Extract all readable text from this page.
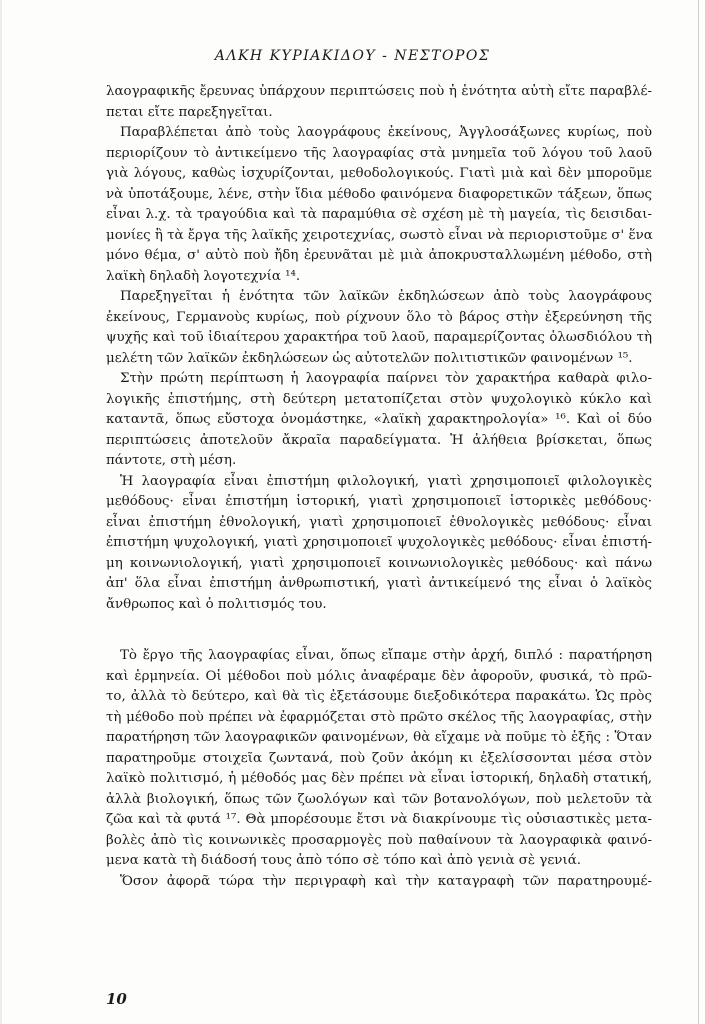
ΑΛΚΗ ΚΥΡΙΑΚΙΔΟΥ - ΝΕΣΤΟΡΟΣ
λαογραφικῆς ἔρευνας ὑπάρχουν περιπτώσεις ποὺ ἡ ἑνότητα αὐτὴ εἴτε παραβλέ-
πεται εἴτε παρεξηγεῖται.
Παραβλέπεται ἀπὸ τοὺς λαογράφους ἐκείνους, Ἀγγλοσάξωνες κυρίως, ποὺ
περιορίζουν τὸ ἀντικείμενο τῆς λαογραφίας στὰ μνημεῖα τοῦ λόγου τοῦ λαοῦ
γιὰ λόγους, καθὼς ἰσχυρίζονται, μεθοδολογικούς. Γιατὶ μιὰ καὶ δὲν μποροῦμε
νὰ ὑποτάξουμε, λένε, στὴν ἴδια μέθοδο φαινόμενα διαφορετικῶν τάξεων, ὅπως
εἶναι λ.χ. τὰ τραγούδια καὶ τὰ παραμύθια σὲ σχέση μὲ τὴ μαγεία, τὶς δεισιδαι-
μονίες ἢ τὰ ἔργα τῆς λαϊκῆς χειροτεχνίας, σωστὸ εἶναι νὰ περιοριστοῦμε σ' ἕνα
μόνο θέμα, σ' αὐτὸ ποὺ ἤδη ἐρευνᾶται μὲ μιὰ ἀποκρυσταλλωμένη μέθοδο, στὴ
λαϊκὴ δηλαδὴ λογοτεχνία ¹⁴.
Παρεξηγεῖται ἡ ἑνότητα τῶν λαϊκῶν ἐκδηλώσεων ἀπὸ τοὺς λαογράφους
ἐκείνους, Γερμανοὺς κυρίως, ποὺ ρίχνουν ὅλο τὸ βάρος στὴν ἐξερεύνηση τῆς
ψυχῆς καὶ τοῦ ἰδιαίτερου χαρακτήρα τοῦ λαοῦ, παραμερίζοντας ὁλωσδιόλου τὴ
μελέτη τῶν λαϊκῶν ἐκδηλώσεων ὡς αὐτοτελῶν πολιτιστικῶν φαινομένων ¹⁵.
Στὴν πρώτη περίπτωση ἡ λαογραφία παίρνει τὸν χαρακτήρα καθαρὰ φιλο-
λογικῆς ἐπιστήμης, στὴ δεύτερη μετατοπίζεται στὸν ψυχολογικὸ κύκλο καὶ
καταντᾶ, ὅπως εὔστοχα ὀνομάστηκε, «λαϊκὴ χαρακτηρολογία» ¹⁶. Καὶ οἱ δύο
περιπτώσεις ἀποτελοῦν ἄκραῖα παραδείγματα. Ἡ ἀλήθεια βρίσκεται, ὅπως
πάντοτε, στὴ μέση.
Ἡ λαογραφία εἶναι ἐπιστήμη φιλολογική, γιατὶ χρησιμοποιεῖ φιλολογικὲς
μεθόδους· εἶναι ἐπιστήμη ἱστορική, γιατὶ χρησιμοποιεῖ ἱστορικὲς μεθόδους·
εἶναι ἐπιστήμη ἐθνολογική, γιατὶ χρησιμοποιεῖ ἐθνολογικὲς μεθόδους· εἶναι
ἐπιστήμη ψυχολογική, γιατὶ χρησιμοποιεῖ ψυχολογικὲς μεθόδους· εἶναι ἐπιστή-
μη κοινωνιολογική, γιατὶ χρησιμοποιεῖ κοινωνιολογικὲς μεθόδους· καὶ πάνω
ἀπ' ὅλα εἶναι ἐπιστήμη ἀνθρωπιστική, γιατὶ ἀντικείμενό της εἶναι ὁ λαϊκὸς
ἄνθρωπος καὶ ὁ πολιτισμός του.
Τὸ ἔργο τῆς λαογραφίας εἶναι, ὅπως εἴπαμε στὴν ἀρχή, διπλό : παρατήρηση
καὶ ἑρμηνεία. Οἱ μέθοδοι ποὺ μόλις ἀναφέραμε δὲν ἀφοροῦν, φυσικά, τὸ πρῶ-
το, ἀλλὰ τὸ δεύτερο, καὶ θὰ τὶς ἐξετάσουμε διεξοδικότερα παρακάτω. Ὡς πρὸς
τὴ μέθοδο ποὺ πρέπει νὰ ἐφαρμόζεται στὸ πρῶτο σκέλος τῆς λαογραφίας, στὴν
παρατήρηση τῶν λαογραφικῶν φαινομένων, θὰ εἴχαμε νὰ ποῦμε τὸ ἑξῆς : Ὅταν
παρατηροῦμε στοιχεῖα ζωντανά, ποὺ ζοῦν ἀκόμη κι ἐξελίσσονται μέσα στὸν
λαϊκὸ πολιτισμό, ἡ μέθοδός μας δὲν πρέπει νὰ εἶναι ἱστορική, δηλαδὴ στατική,
ἀλλὰ βιολογική, ὅπως τῶν ζωολόγων καὶ τῶν βοτανολόγων, ποὺ μελετοῦν τὰ
ζῶα καὶ τὰ φυτά ¹⁷. Θὰ μπορέσουμε ἔτσι νὰ διακρίνουμε τὶς οὐσιαστικὲς μετα-
βολὲς ἀπὸ τὶς κοινωνικὲς προσαρμογὲς ποὺ παθαίνουν τὰ λαογραφικὰ φαινό-
μενα κατὰ τὴ διάδοσή τους ἀπὸ τόπο σὲ τόπο καὶ ἀπὸ γενιὰ σὲ γενιά.
Ὅσον ἀφορᾶ τώρα τὴν περιγραφὴ καὶ τὴν καταγραφὴ τῶν παρατηρουμέ-
10
